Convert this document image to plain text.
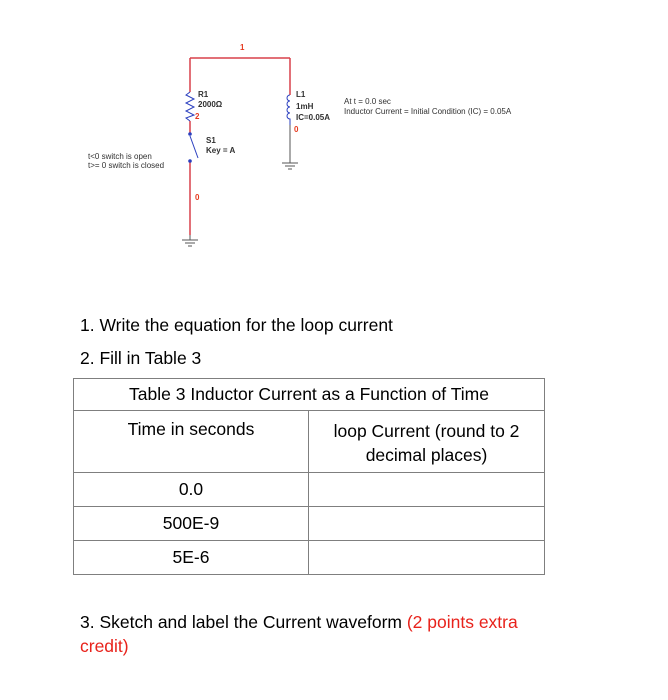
1
R1
2000Ω
2
S1
Key = A
0
L1
1mH
IC=0.05A
0
t<0 switch is open
t>= 0 switch is closed
At t = 0.0 sec
Inductor Current = Initial Condition (IC) = 0.05A
1. Write the equation for the loop current
2. Fill in Table 3
Table 3 Inductor Current as a Function of Time	
Time in seconds	loop Current (round to 2
decimal places)

0.0	
500E-9	
5E-6	
3. Sketch and label the Current waveform (2 points extra
credit)
